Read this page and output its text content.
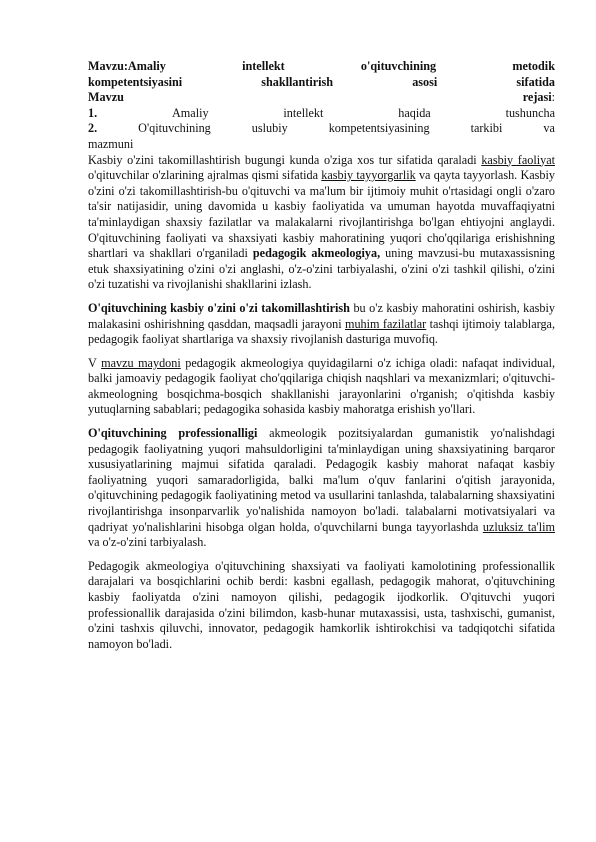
Mavzu:Amaliy	intellekt	o'qituvchining	metodik
kompetentsiyasini	shakllantirish	asosi	sifatida
Mavzu	rejasi:
1.	Amaliy	intellekt	haqida	tushuncha
2.	O'qituvchining	uslubiy	kompetentsiyasining	tarkibi	va
mazmuni

Kasbiy o'zini takomillashtirish bugungi kunda o'ziga xos tur sifatida qaraladi kasbiy faoliyat o'qituvchilar o'zlarining ajralmas qismi sifatida kasbiy tayyorgarlik va qayta tayyorlash. Kasbiy o'zini o'zi takomillashtirish-bu o'qituvchi va ma'lum bir ijtimoiy muhit o'rtasidagi ongli o'zaro ta'sir natijasidir, uning davomida u kasbiy faoliyatida va umuman hayotda muvaffaqiyatni ta'minlaydigan shaxsiy fazilatlar va malakalarni rivojlantirishga bo'lgan ehtiyojni anglaydi. O'qituvchining faoliyati va shaxsiyati kasbiy mahoratining yuqori cho'qqilariga erishishning shartlari va shakllari o'rganiladi pedagogik akmeologiya, uning mavzusi-bu mutaxassisning etuk shaxsiyatining o'zini o'zi anglashi, o'z-o'zini tarbiyalashi, o'zini o'zi tashkil qilishi, o'zini o'zi tuzatishi va rivojlanishi shakllarini izlash.

O'qituvchining kasbiy o'zini o'zi takomillashtirish bu o'z kasbiy mahoratini oshirish, kasbiy malakasini oshirishning qasddan, maqsadli jarayoni muhim fazilatlar tashqi ijtimoiy talablarga, pedagogik faoliyat shartlariga va shaxsiy rivojlanish dasturiga muvofiq.

V mavzu maydoni pedagogik akmeologiya quyidagilarni o'z ichiga oladi: nafaqat individual, balki jamoaviy pedagogik faoliyat cho'qqilariga chiqish naqshlari va mexanizmlari; o'qituvchi-akmeologning bosqichma-bosqich shakllanishi jarayonlarini o'rganish; o'qitishda kasbiy yutuqlarning sabablari; pedagogika sohasida kasbiy mahoratga erishish yo'llari.

O'qituvchining professionalligi akmeologik pozitsiyalardan gumanistik yo'nalishdagi pedagogik faoliyatning yuqori mahsuldorligini ta'minlaydigan uning shaxsiyatining barqaror xususiyatlarining majmui sifatida qaraladi. Pedagogik kasbiy mahorat nafaqat kasbiy faoliyatning yuqori samaradorligida, balki ma'lum o'quv fanlarini o'qitish jarayonida, o'qituvchining pedagogik faoliyatining metod va usullarini tanlashda, talabalarning shaxsiyatini rivojlantirishga insonparvarlik yo'nalishida namoyon bo'ladi. talabalarni motivatsiyalari va qadriyat yo'nalishlarini hisobga olgan holda, o'quvchilarni bunga tayyorlashda uzluksiz ta'lim va o'z-o'zini tarbiyalash.

Pedagogik akmeologiya o'qituvchining shaxsiyati va faoliyati kamolotining professionallik darajalari va bosqichlarini ochib berdi: kasbni egallash, pedagogik mahorat, o'qituvchining kasbiy faoliyatda o'zini namoyon qilishi, pedagogik ijodkorlik. O'qituvchi yuqori professionallik darajasida o'zini bilimdon, kasb-hunar mutaxassisi, usta, tashxischi, gumanist, o'zini tashxis qiluvchi, innovator, pedagogik hamkorlik ishtirokchisi va tadqiqotchi sifatida namoyon bo'ladi.
